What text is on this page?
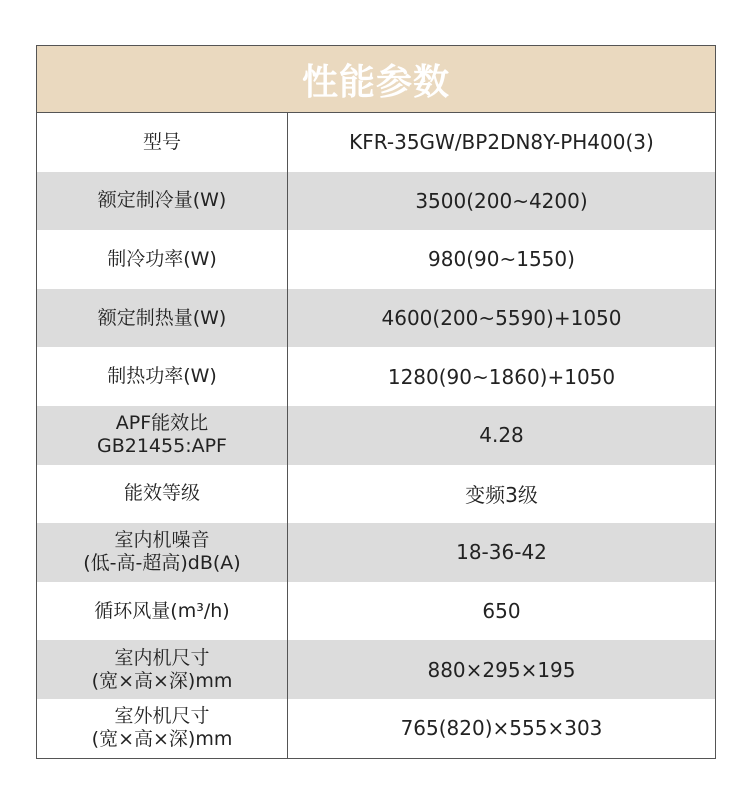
性能参数
型号	KFR-35GW/BP2DN8Y-PH400(3)
额定制冷量(W)	3500(200~4200)
制冷功率(W)	980(90~1550)
额定制热量(W)	4600(200~5590)+1050
制热功率(W)	1280(90~1860)+1050
APF能效比
GB21455:APF	4.28
能效等级	变频3级
室内机噪音
(低-高-超高)dB(A)	18-36-42
循环风量(m³/h)	650
室内机尺寸
(宽×高×深)mm	880×295×195
室外机尺寸
(宽×高×深)mm	765(820)×555×303
